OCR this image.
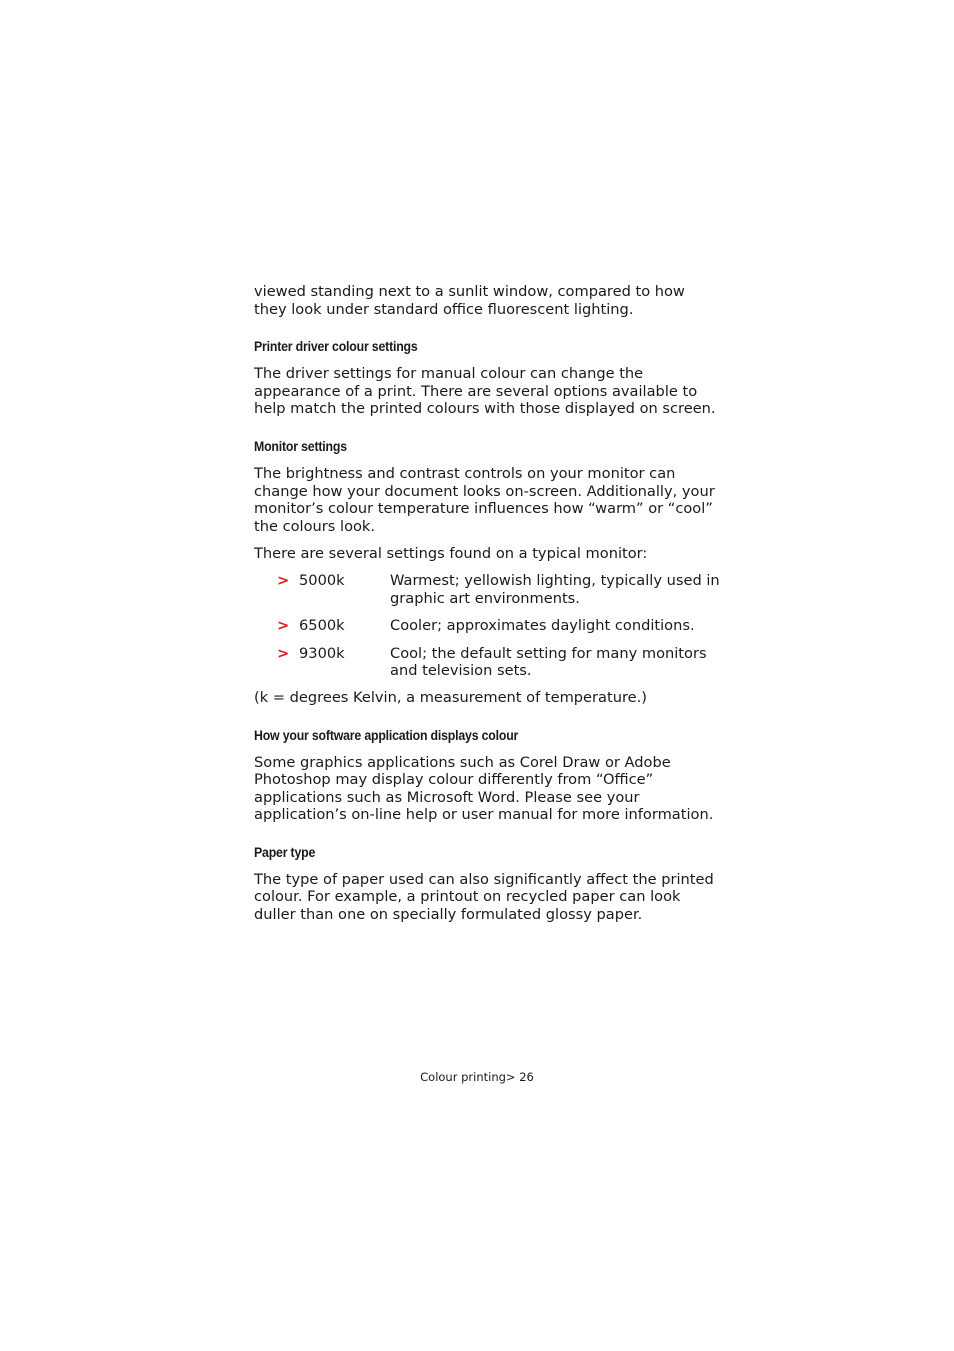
viewed standing next to a sunlit window, compared to how they look under standard office fluorescent lighting.

Printer driver colour settings

The driver settings for manual colour can change the appearance of a print. There are several options available to help match the printed colours with those displayed on screen.

Monitor settings

The brightness and contrast controls on your monitor can change how your document looks on-screen. Additionally, your monitor’s colour temperature influences how “warm” or “cool” the colours look.

There are several settings found on a typical monitor:

> 5000k	Warmest; yellowish lighting, typically used in graphic art environments.
> 6500k	Cooler; approximates daylight conditions.
> 9300k	Cool; the default setting for many monitors and television sets.

(k = degrees Kelvin, a measurement of temperature.)

How your software application displays colour

Some graphics applications such as Corel Draw or Adobe Photoshop may display colour differently from “Office” applications such as Microsoft Word. Please see your application’s on-line help or user manual for more information.

Paper type

The type of paper used can also significantly affect the printed colour. For example, a printout on recycled paper can look duller than one on specially formulated glossy paper.

Colour printing> 26
